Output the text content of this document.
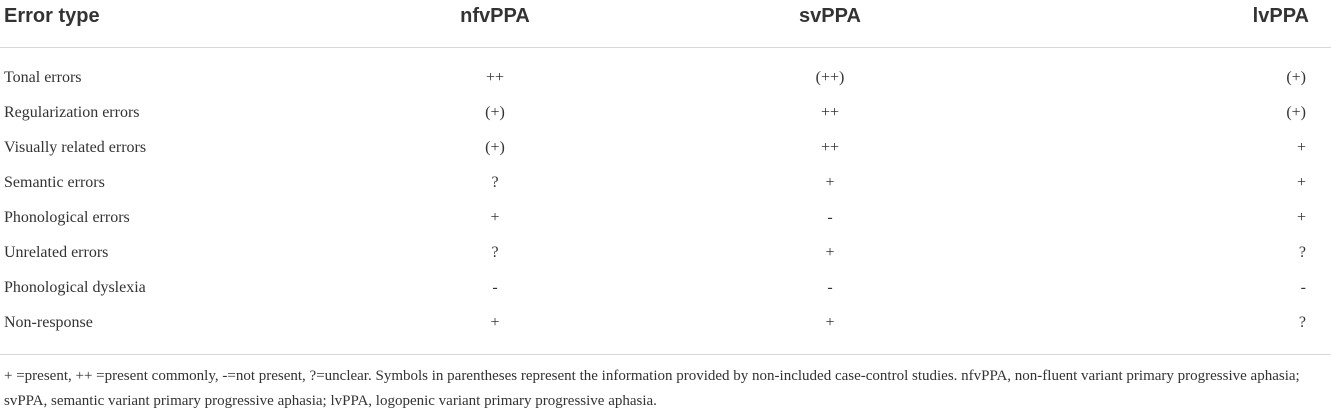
Error type	nfvPPA	svPPA	lvPPA

Tonal errors	++	(++)	(+)
Regularization errors	(+)	++	(+)
Visually related errors	(+)	++	+
Semantic errors	?	+	+
Phonological errors	+	-	+
Unrelated errors	?	+	?
Phonological dyslexia	-	-	-
Non-response	+	+	?

+ =present, ++ =present commonly, -=not present, ?=unclear. Symbols in parentheses represent the information provided by non-included case-control studies. nfvPPA, non-fluent variant primary progressive aphasia; svPPA, semantic variant primary progressive aphasia; lvPPA, logopenic variant primary progressive aphasia.
